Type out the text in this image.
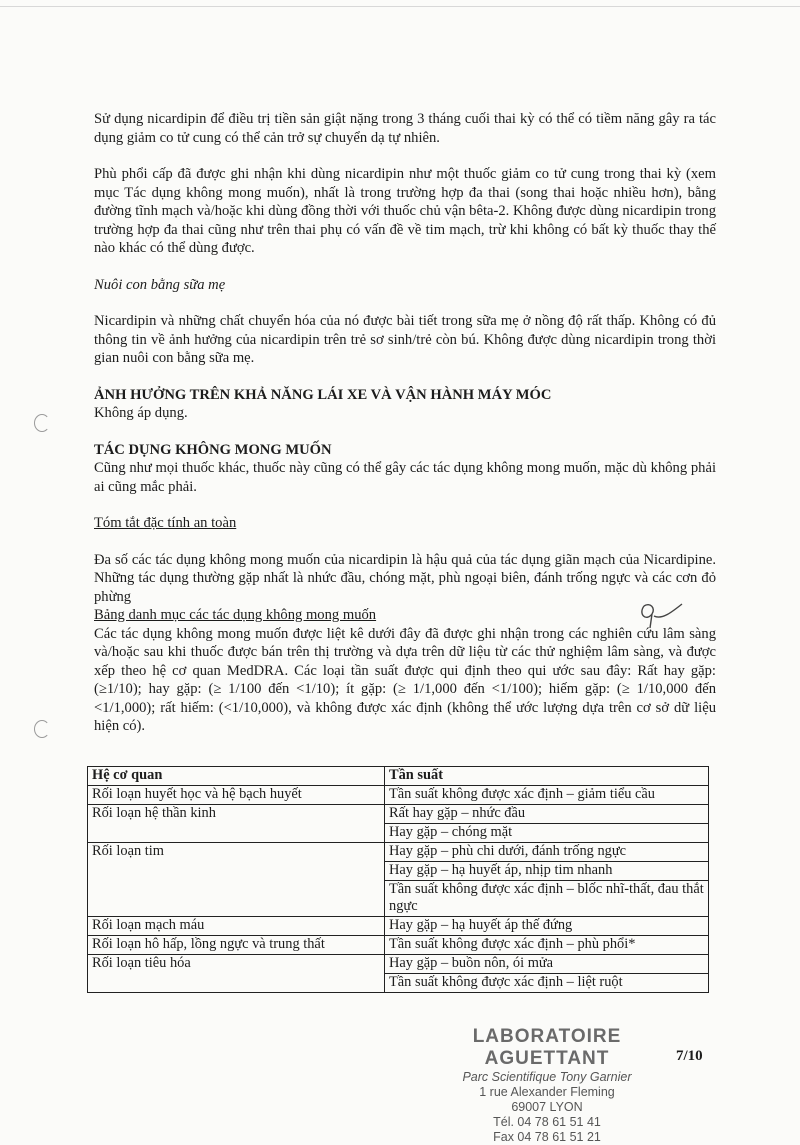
Sử dụng nicardipin để điều trị tiền sản giật nặng trong 3 tháng cuối thai kỳ có thể có tiềm năng gây ra tác dụng giảm co tử cung có thể cản trở sự chuyển dạ tự nhiên.

Phù phổi cấp đã được ghi nhận khi dùng nicardipin như một thuốc giảm co tử cung trong thai kỳ (xem mục Tác dụng không mong muốn), nhất là trong trường hợp đa thai (song thai hoặc nhiều hơn), bằng đường tĩnh mạch và/hoặc khi dùng đồng thời với thuốc chủ vận bêta-2. Không được dùng nicardipin trong trường hợp đa thai cũng như trên thai phụ có vấn đề về tim mạch, trừ khi không có bất kỳ thuốc thay thế nào khác có thể dùng được.

Nuôi con bằng sữa mẹ

Nicardipin và những chất chuyển hóa của nó được bài tiết trong sữa mẹ ở nồng độ rất thấp. Không có đủ thông tin về ảnh hưởng của nicardipin trên trẻ sơ sinh/trẻ còn bú. Không được dùng nicardipin trong thời gian nuôi con bằng sữa mẹ.

ẢNH HƯỞNG TRÊN KHẢ NĂNG LÁI XE VÀ VẬN HÀNH MÁY MÓC

Không áp dụng.

TÁC DỤNG KHÔNG MONG MUỐN

Cũng như mọi thuốc khác, thuốc này cũng có thể gây các tác dụng không mong muốn, mặc dù không phải ai cũng mắc phải.

Tóm tắt đặc tính an toàn

Đa số các tác dụng không mong muốn của nicardipin là hậu quả của tác dụng giãn mạch của Nicardipine. Những tác dụng thường gặp nhất là nhức đầu, chóng mặt, phù ngoại biên, đánh trống ngực và các cơn đỏ phừng

Bảng danh mục các tác dụng không mong muốn

Các tác dụng không mong muốn được liệt kê dưới đây đã được ghi nhận trong các nghiên cứu lâm sàng và/hoặc sau khi thuốc được bán trên thị trường và dựa trên dữ liệu từ các thử nghiệm lâm sàng, và được xếp theo hệ cơ quan MedDRA. Các loại tần suất được qui định theo qui ước sau đây: Rất hay gặp: (≥1/10); hay gặp: (≥ 1/100 đến <1/10); ít gặp: (≥ 1/1,000 đến <1/100); hiếm gặp: (≥ 1/10,000 đến <1/1,000); rất hiếm: (<1/10,000), và không được xác định (không thể ước lượng dựa trên cơ sở dữ liệu hiện có).

Hệ cơ quan	Tần suất
Rối loạn huyết học và hệ bạch huyết	Tần suất không được xác định – giảm tiểu cầu
Rối loạn hệ thần kinh	Rất hay gặp – nhức đầu
	Hay gặp – chóng mặt
Rối loạn tim	Hay gặp – phù chi dưới, đánh trống ngực
	Hay gặp – hạ huyết áp, nhịp tim nhanh
	Tần suất không được xác định – blốc nhĩ-thất, đau thắt ngực
Rối loạn mạch máu	Hay gặp – hạ huyết áp thế đứng
Rối loạn hô hấp, lồng ngực và trung thất	Tần suất không được xác định – phù phổi*
Rối loạn tiêu hóa	Hay gặp – buồn nôn, ói mửa
	Tần suất không được xác định – liệt ruột
LABORATOIRE AGUETTANT
Parc Scientifique Tony Garnier
1 rue Alexander Fleming
69007 LYON
Tél. 04 78 61 51 41
Fax 04 78 61 51 21
7/10
